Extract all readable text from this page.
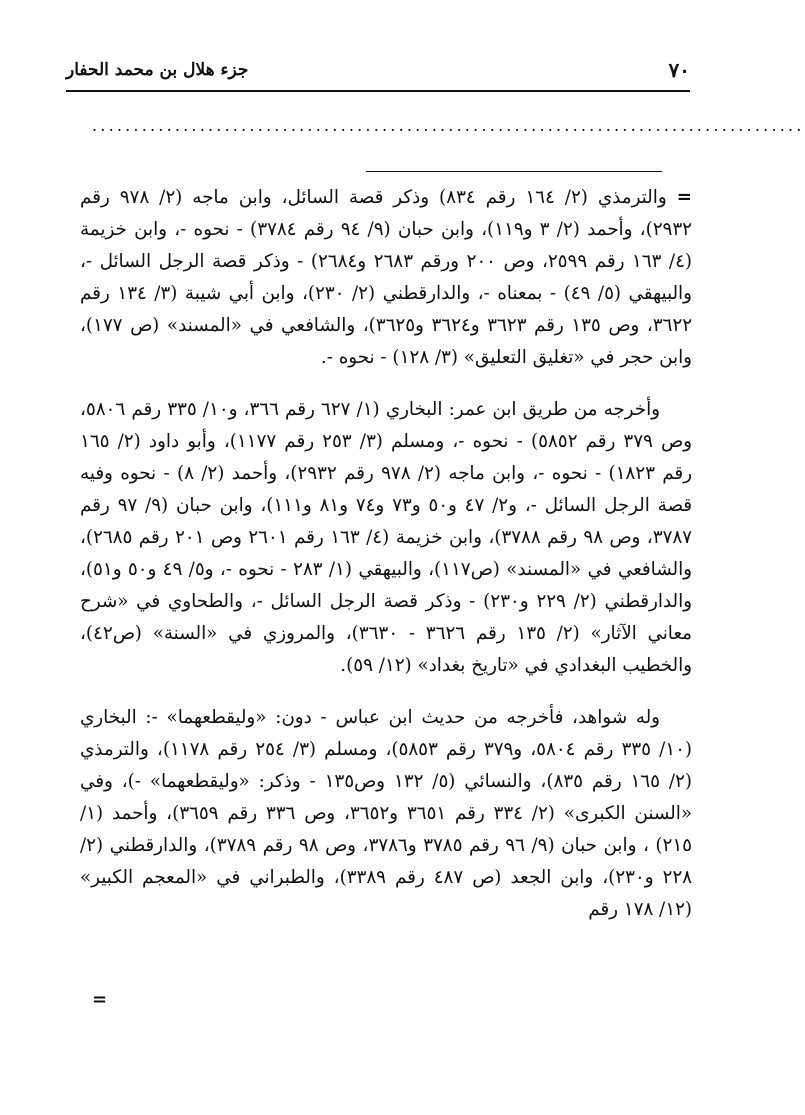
٧٠
جزء هلال بن محمد الحفار
......................................................................................

=والترمذي (٢/ ١٦٤ رقم ٨٣٤) وذكر قصة السائل، وابن ماجه (٢/ ٩٧٨ رقم ٢٩٣٢)، وأحمد (٢/ ٣ و١١٩)، وابن حبان (٩/ ٩٤ رقم ٣٧٨٤) - نحوه -، وابن خزيمة (٤/ ١٦٣ رقم ٢٥٩٩، وص ٢٠٠ ورقم ٢٦٨٣ و٢٦٨٤) - وذكر قصة الرجل السائل -، والبيهقي (٥/ ٤٩) - بمعناه -، والدارقطني (٢/ ٢٣٠)، وابن أبي شيبة (٣/ ١٣٤ رقم ٣٦٢٢، وص ١٣٥ رقم ٣٦٢٣ و٣٦٢٤ و٣٦٢٥)، والشافعي في «المسند» (ص ١٧٧)، وابن حجر في «تغليق التعليق» (٣/ ١٢٨) - نحوه -.

وأخرجه من طريق ابن عمر: البخاري (١/ ٦٢٧ رقم ٣٦٦، و١٠/ ٣٣٥ رقم ٥٨٠٦، وص ٣٧٩ رقم ٥٨٥٢) - نحوه -، ومسلم (٣/ ٢٥٣ رقم ١١٧٧)، وأبو داود (٢/ ١٦٥ رقم ١٨٢٣) - نحوه -، وابن ماجه (٢/ ٩٧٨ رقم ٢٩٣٢)، وأحمد (٢/ ٨) - نحوه وفيه قصة الرجل السائل -، و٢/ ٤٧ و٥٠ و٧٣ و٧٤ و٨١ و١١١)، وابن حبان (٩/ ٩٧ رقم ٣٧٨٧، وص ٩٨ رقم ٣٧٨٨)، وابن خزيمة (٤/ ١٦٣ رقم ٢٦٠١ وص ٢٠١ رقم ٢٦٨٥)، والشافعي في «المسند» (ص١١٧)، والبيهقي (١/ ٢٨٣ - نحوه -، و٥/ ٤٩ و٥٠ و٥١)، والدارقطني (٢/ ٢٢٩ و٢٣٠) - وذكر قصة الرجل السائل -، والطحاوي في «شرح معاني الآثار» (٢/ ١٣٥ رقم ٣٦٢٦ - ٣٦٣٠)، والمروزي في «السنة» (ص٤٢)، والخطيب البغدادي في «تاريخ بغداد» (١٢/ ٥٩).

وله شواهد، فأخرجه من حديث ابن عباس - دون: «وليقطعهما» -: البخاري (١٠/ ٣٣٥ رقم ٥٨٠٤، و٣٧٩ رقم ٥٨٥٣)، ومسلم (٣/ ٢٥٤ رقم ١١٧٨)، والترمذي (٢/ ١٦٥ رقم ٨٣٥)، والنسائي (٥/ ١٣٢ وص١٣٥ - وذكر: «وليقطعهما» -)، وفي «السنن الكبرى» (٢/ ٣٣٤ رقم ٣٦٥١ و٣٦٥٢، وص ٣٣٦ رقم ٣٦٥٩)، وأحمد (١/ ٢١٥) ، وابن حبان (٩/ ٩٦ رقم ٣٧٨٥ و٣٧٨٦، وص ٩٨ رقم ٣٧٨٩)، والدارقطني (٢/ ٢٢٨ و٢٣٠)، وابن الجعد (ص ٤٨٧ رقم ٣٣٨٩)، والطبراني في «المعجم الكبير» (١٢/ ١٧٨ رقم

=
